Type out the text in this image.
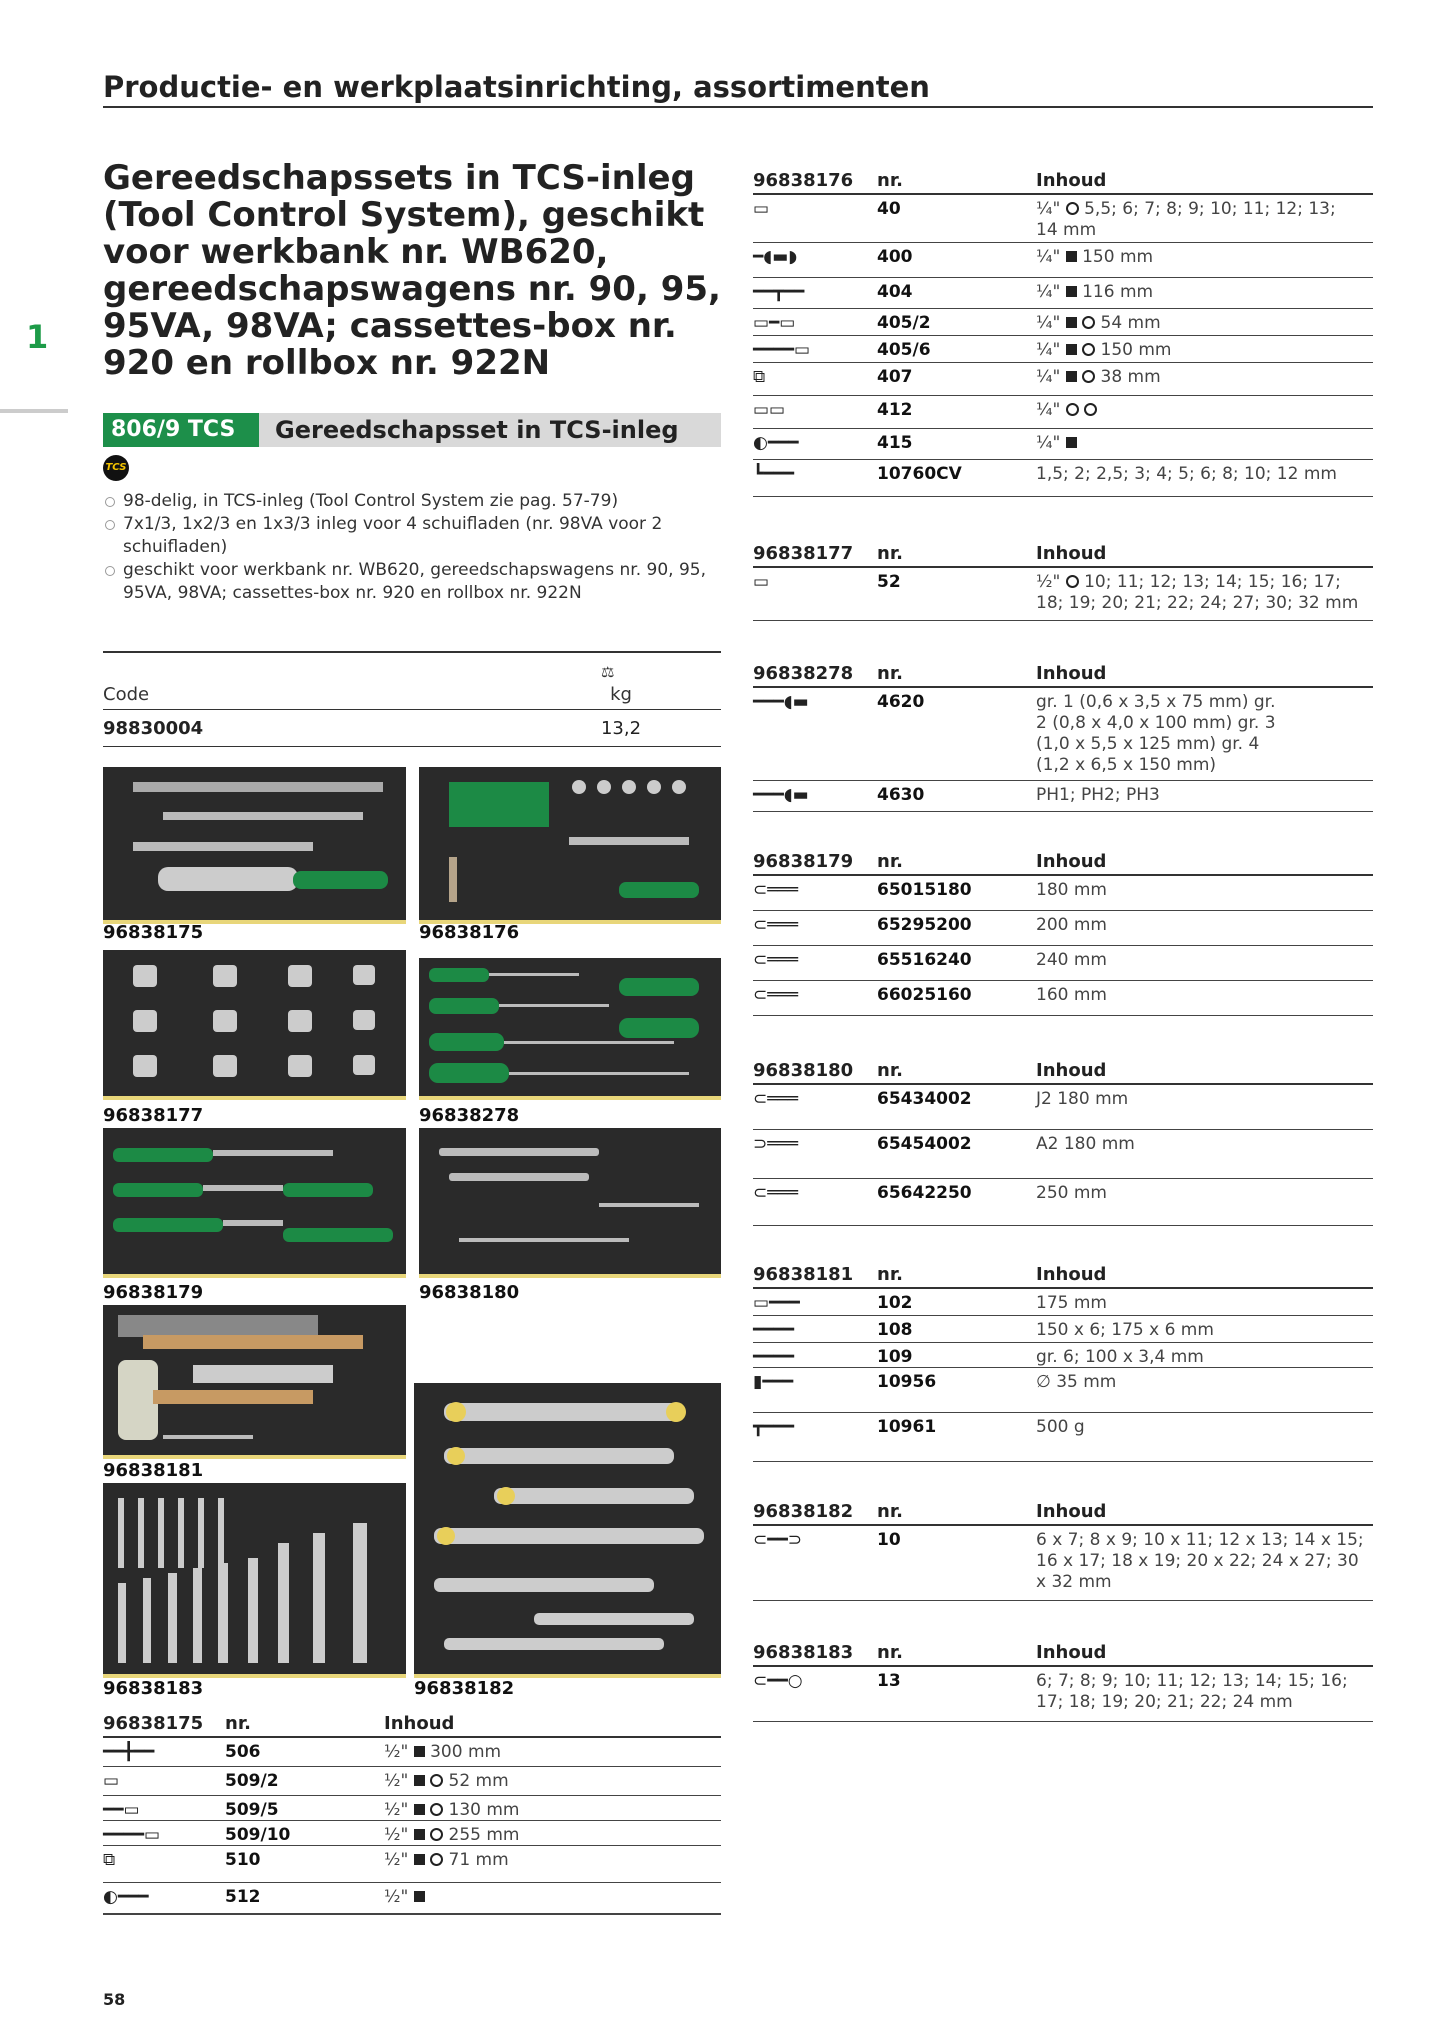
Productie- en werkplaatsinrichting, assortimenten
1
Gereedschapssets in TCS-inleg (Tool Control System), geschikt voor werkbank nr. WB620, gereedschapswagens nr. 90, 95, 95VA, 98VA; cassettes-box nr. 920 en rollbox nr. 922N
806/9 TCS	Gereedschapsset in TCS-inleg
TCS
98-delig, in TCS-inleg (Tool Control System zie pag. 57-79)
7x1/3, 1x2/3 en 1x3/3 inleg voor 4 schuifladen (nr. 98VA voor 2 schuifladen)
geschikt voor werkbank nr. WB620, gereedschapswagens nr. 90, 95, 95VA, 98VA; cassettes-box nr. 920 en rollbox nr. 922N
⚖
Code	kg
98830004	13,2
96838175	96838176
96838177	96838278
96838179	96838180
96838181
96838183	96838182
96838175 nr.	Inhoud
━━╋━━	506	½"  300 mm
▭	509/2	½"   52 mm
━━▭	509/5	½"   130 mm
━━━━▭	509/10	½"   255 mm
⧉	510	½"   71 mm
◐━━━	512	½"
96838176 nr.	Inhoud
▭	40	¼"  5,5; 6; 7; 8; 9; 10; 11; 12; 13; 14 mm
━◖▬◗	400	¼"  150 mm
━━┳━━	404	¼"  116 mm
▭━▭	405/2	¼"   54 mm
━━━━▭	405/6	¼"   150 mm
⧉	407	¼"   38 mm
▭▭	412	¼"
◐━━━	415	¼"
┗━━━	10760CV	1,5; 2; 2,5; 3; 4; 5; 6; 8; 10; 12 mm
96838177 nr.	Inhoud
▭	52	½"  10; 11; 12; 13; 14; 15; 16; 17; 18; 19; 20; 21; 22; 24; 27; 30; 32 mm
96838278 nr.	Inhoud
━━━◖▬	4620	gr. 1 (0,6 x 3,5 x 75 mm) gr. 2 (0,8 x 4,0 x 100 mm) gr. 3 (1,0 x 5,5 x 125 mm) gr. 4 (1,2 x 6,5 x 150 mm)
━━━◖▬	4630	PH1; PH2; PH3
96838179 nr.	Inhoud
⊂═══	65015180	180 mm
⊂═══	65295200	200 mm
⊂═══	65516240	240 mm
⊂═══	66025160	160 mm
96838180 nr.	Inhoud
⊂═══	65434002	J2 180 mm
⊃═══	65454002	A2 180 mm
⊂═══	65642250	250 mm
96838181 nr.	Inhoud
▭━━━	102	175 mm
━━━━	108	150 x 6; 175 x 6 mm
━━━━	109	gr. 6; 100 x 3,4 mm
▮━━━	10956	∅ 35 mm
┳━━━	10961	500 g
96838182 nr.	Inhoud
⊂━━⊃	10	6 x 7; 8 x 9; 10 x 11; 12 x 13; 14 x 15; 16 x 17; 18 x 19; 20 x 22; 24 x 27; 30 x 32 mm
96838183 nr.	Inhoud
⊂━━○	13	6; 7; 8; 9; 10; 11; 12; 13; 14; 15; 16; 17; 18; 19; 20; 21; 22; 24 mm
58
